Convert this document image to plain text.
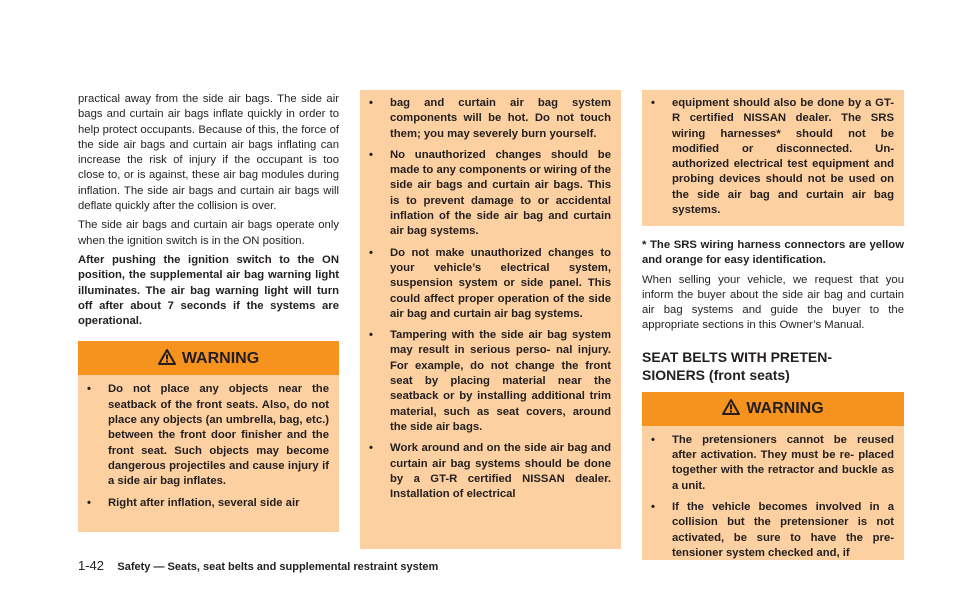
practical away from the side air bags. The side air bags and curtain air bags inflate quickly in order to help protect occupants. Because of this, the force of the side air bags and curtain air bags inflating can increase the risk of injury if the occupant is too close to, or is against, these air bag modules during inflation. The side air bags and curtain air bags will deflate quickly after the collision is over.

The side air bags and curtain air bags operate only when the ignition switch is in the ON position.

After pushing the ignition switch to the ON position, the supplemental air bag warning light illuminates. The air bag warning light will turn off after about 7 seconds if the systems are operational.

WARNING
• Do not place any objects near the seatback of the front seats. Also, do not place any objects (an umbrella, bag, etc.) between the front door finisher and the front seat. Such objects may become dangerous projectiles and cause injury if a side air bag inflates.
• Right after inflation, several side air
• bag and curtain air bag system components will be hot. Do not touch them; you may severely burn yourself.
• No unauthorized changes should be made to any components or wiring of the side air bags and curtain air bags. This is to prevent damage to or accidental inflation of the side air bag and curtain air bag systems.
• Do not make unauthorized changes to your vehicle’s electrical system, suspension system or side panel. This could affect proper operation of the side air bag and curtain air bag systems.
• Tampering with the side air bag system may result in serious perso- nal injury. For example, do not change the front seat by placing material near the seatback or by installing additional trim material, such as seat covers, around the side air bags.
• Work around and on the side air bag and curtain air bag systems should be done by a GT-R certified NISSAN dealer. Installation of electrical
• equipment should also be done by a GT-R certified NISSAN dealer. The SRS wiring harnesses* should not be modified or disconnected. Un- authorized electrical test equipment and probing devices should not be used on the side air bag and curtain air bag systems.

* The SRS wiring harness connectors are yellow and orange for easy identification.

When selling your vehicle, we request that you inform the buyer about the side air bag and curtain air bag systems and guide the buyer to the appropriate sections in this Owner’s Manual.

SEAT BELTS WITH PRETEN-
SIONERS (front seats)
WARNING
• The pretensioners cannot be reused after activation. They must be re- placed together with the retractor and buckle as a unit.
• If the vehicle becomes involved in a collision but the pretensioner is not activated, be sure to have the pre- tensioner system checked and, if
1-42 Safety — Seats, seat belts and supplemental restraint system
